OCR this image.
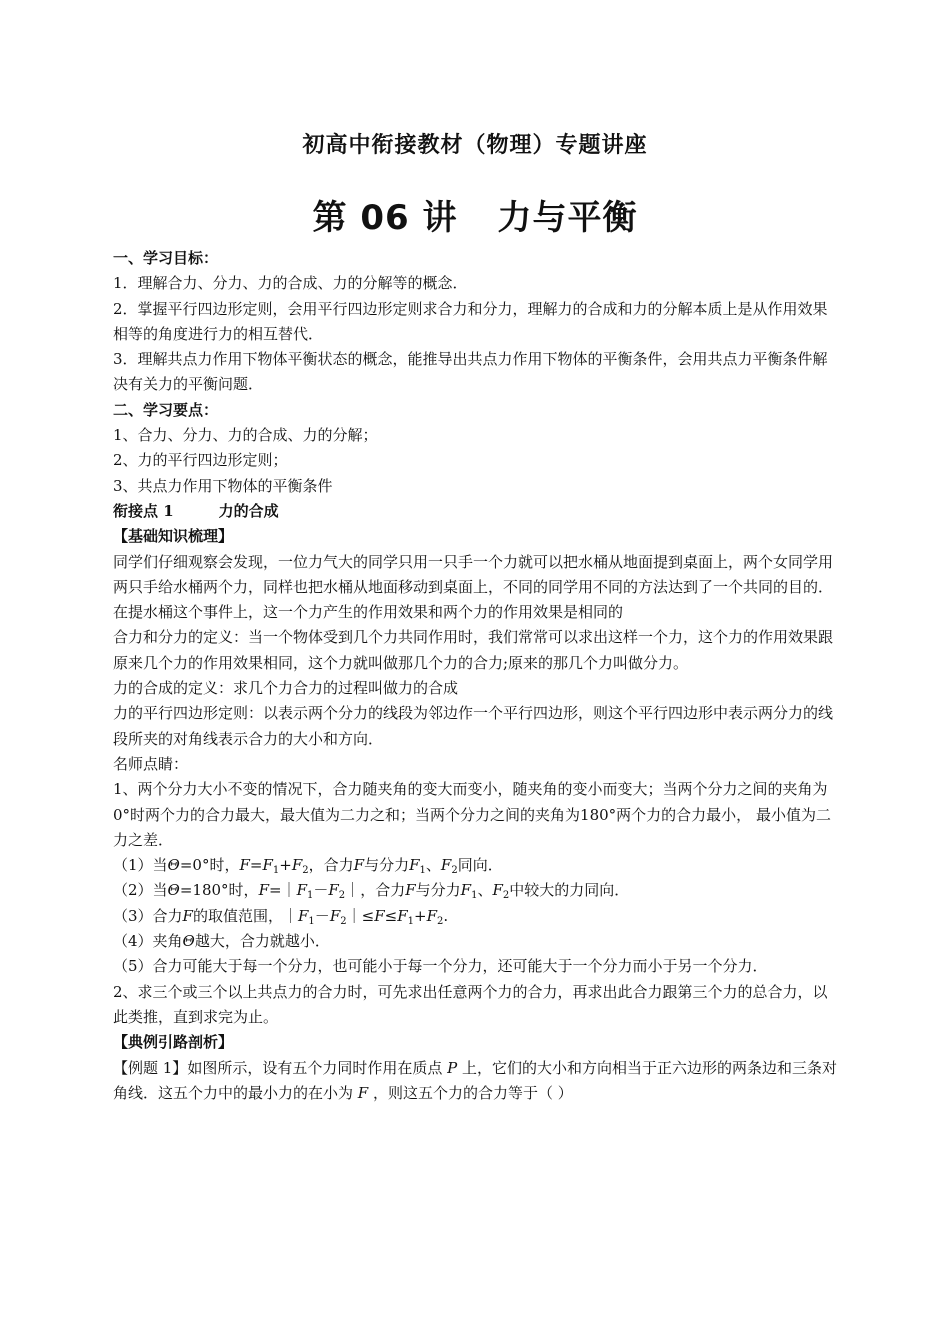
初高中衔接教材（物理）专题讲座
第 06 讲 力与平衡

一、学习目标：

1．理解合力、分力、力的合成、力的分解等的概念．

2．掌握平行四边形定则，会用平行四边形定则求合力和分力，理解力的合成和力的分解本质上是从作用效果相等的角度进行力的相互替代．

3．理解共点力作用下物体平衡状态的概念，能推导出共点力作用下物体的平衡条件，会用共点力平衡条件解决有关力的平衡问题．

二、学习要点：

1、合力、分力、力的合成、力的分解；

2、力的平行四边形定则；

3、共点力作用下物体的平衡条件

衔接点 1	力的合成

【基础知识梳理】

同学们仔细观察会发现，一位力气大的同学只用一只手一个力就可以把水桶从地面提到桌面上，两个女同学用两只手给水桶两个力，同样也把水桶从地面移动到桌面上，不同的同学用不同的方法达到了一个共同的目的．在提水桶这个事件上，这一个力产生的作用效果和两个力的作用效果是相同的

合力和分力的定义：当一个物体受到几个力共同作用时，我们常常可以求出这样一个力，这个力的作用效果跟原来几个力的作用效果相同，这个力就叫做那几个力的合力;原来的那几个力叫做分力。

力的合成的定义：求几个力合力的过程叫做力的合成

力的平行四边形定则：以表示两个分力的线段为邻边作一个平行四边形，则这个平行四边形中表示两分力的线段所夹的对角线表示合力的大小和方向．

名师点睛：

1、两个分力大小不变的情况下，合力随夹角的变大而变小，随夹角的变小而变大；当两个分力之间的夹角为0°时两个力的合力最大，最大值为二力之和；当两个分力之间的夹角为180°两个力的合力最小， 最小值为二力之差．

（1）当Θ=0°时，$F=F_1+F_2$，合力F与分力$F_1$、$F_2$同向．

（2）当Θ=180°时，$F=|F_1-F_2|$，合力F与分力$F_1$、$F_2$中较大的力同向．

（3）合力F的取值范围，$|F_1-F_2|\le F\le F_1+F_2$.

（4）夹角Θ越大，合力就越小．

（5）合力可能大于每一个分力，也可能小于每一个分力，还可能大于一个分力而小于另一个分力．

2、求三个或三个以上共点力的合力时，可先求出任意两个力的合力，再求出此合力跟第三个力的总合力，以此类推，直到求完为止。

【典例引路剖析】

【例题 1】如图所示，设有五个力同时作用在质点 P 上，它们的大小和方向相当于正六边形的两条边和三条对角线．这五个力中的最小力的在小为 F ，则这五个力的合力等于（ ）
